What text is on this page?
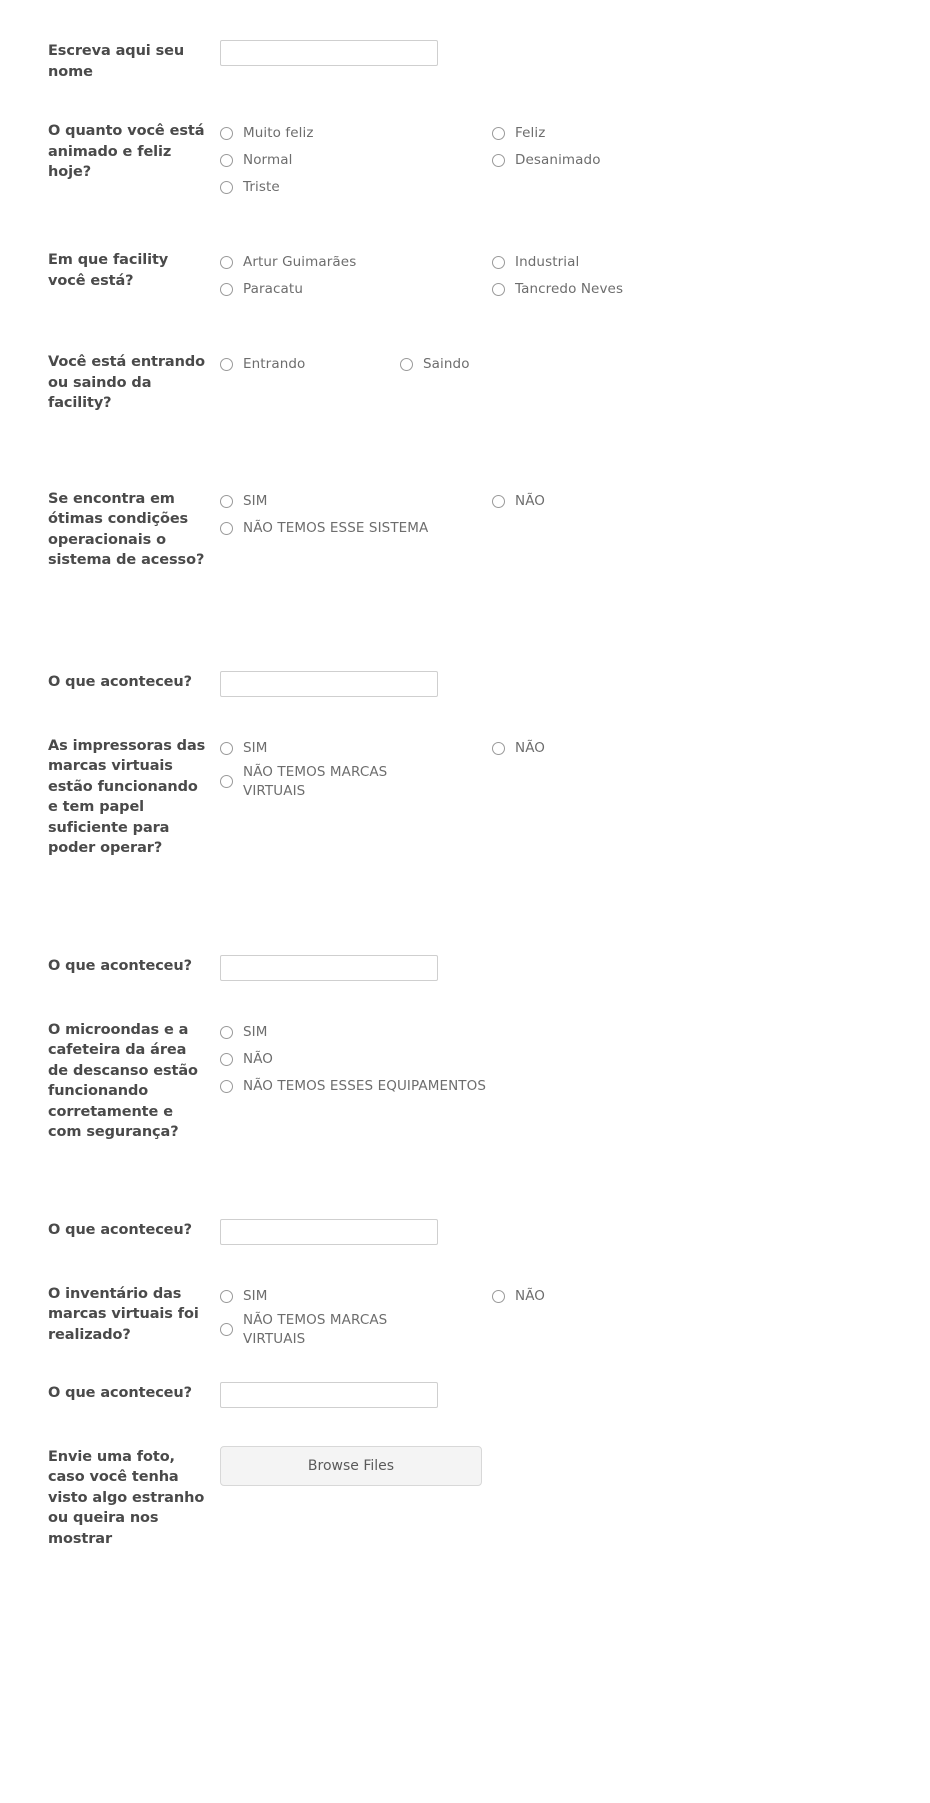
Escreva aqui seu nome
O quanto você está animado e feliz hoje?
Muito feliz
Normal
Triste
Feliz
Desanimado
Em que facility você está?
Artur Guimarães
Paracatu
Industrial
Tancredo Neves
Você está entrando ou saindo da facility?
Entrando	Saindo
Se encontra em ótimas condições operacionais o sistema de acesso?
SIM
NÃO TEMOS ESSE SISTEMA
NÃO
O que aconteceu?
As impressoras das marcas virtuais estão funcionando e tem papel suficiente para poder operar?
SIM
NÃO TEMOS MARCAS VIRTUAIS
NÃO
O que aconteceu?
O microondas e a cafeteira da área de descanso estão funcionando corretamente e com segurança?
SIM
NÃO
NÃO TEMOS ESSES EQUIPAMENTOS
O que aconteceu?
O inventário das marcas virtuais foi realizado?
SIM
NÃO TEMOS MARCAS VIRTUAIS
NÃO
O que aconteceu?
Envie uma foto, caso você tenha visto algo estranho ou queira nos mostrar
Browse Files
